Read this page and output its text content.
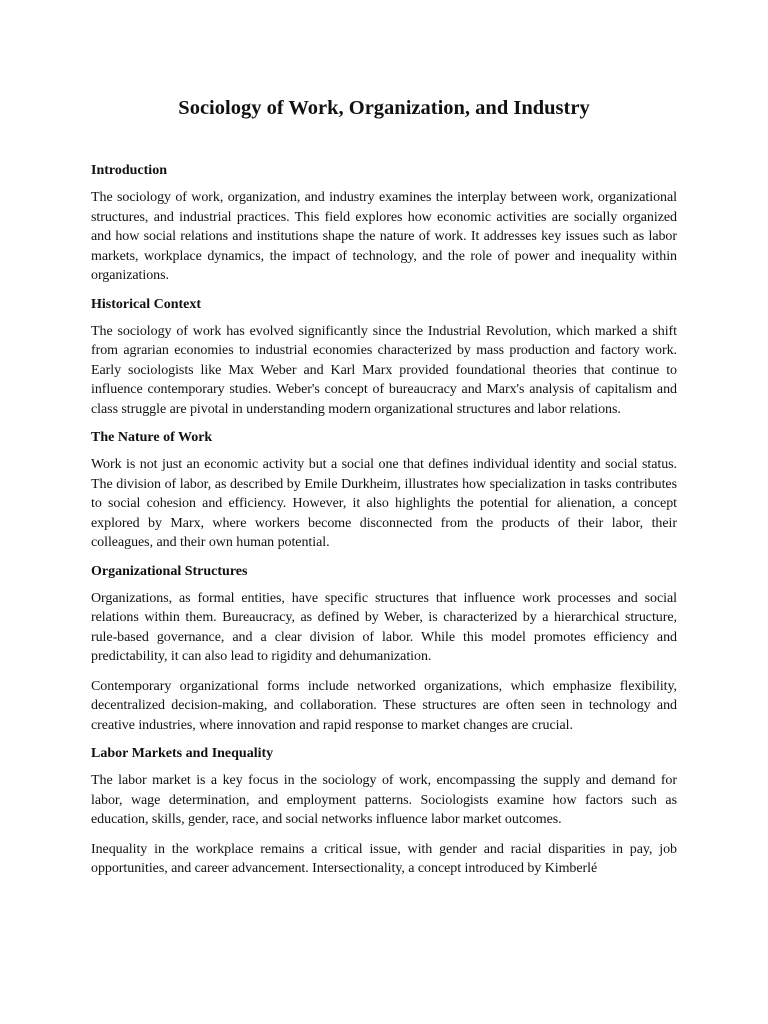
Sociology of Work, Organization, and Industry
Introduction

The sociology of work, organization, and industry examines the interplay between work, organizational structures, and industrial practices. This field explores how economic activities are socially organized and how social relations and institutions shape the nature of work. It addresses key issues such as labor markets, workplace dynamics, the impact of technology, and the role of power and inequality within organizations.

Historical Context

The sociology of work has evolved significantly since the Industrial Revolution, which marked a shift from agrarian economies to industrial economies characterized by mass production and factory work. Early sociologists like Max Weber and Karl Marx provided foundational theories that continue to influence contemporary studies. Weber's concept of bureaucracy and Marx's analysis of capitalism and class struggle are pivotal in understanding modern organizational structures and labor relations.

The Nature of Work

Work is not just an economic activity but a social one that defines individual identity and social status. The division of labor, as described by Emile Durkheim, illustrates how specialization in tasks contributes to social cohesion and efficiency. However, it also highlights the potential for alienation, a concept explored by Marx, where workers become disconnected from the products of their labor, their colleagues, and their own human potential.

Organizational Structures

Organizations, as formal entities, have specific structures that influence work processes and social relations within them. Bureaucracy, as defined by Weber, is characterized by a hierarchical structure, rule-based governance, and a clear division of labor. While this model promotes efficiency and predictability, it can also lead to rigidity and dehumanization.

Contemporary organizational forms include networked organizations, which emphasize flexibility, decentralized decision-making, and collaboration. These structures are often seen in technology and creative industries, where innovation and rapid response to market changes are crucial.

Labor Markets and Inequality

The labor market is a key focus in the sociology of work, encompassing the supply and demand for labor, wage determination, and employment patterns. Sociologists examine how factors such as education, skills, gender, race, and social networks influence labor market outcomes.

Inequality in the workplace remains a critical issue, with gender and racial disparities in pay, job opportunities, and career advancement. Intersectionality, a concept introduced by Kimberlé
